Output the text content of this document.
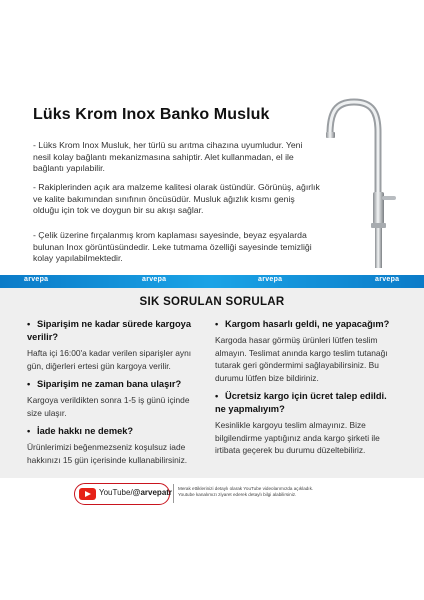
Lüks Krom Inox Banko Musluk
- Lüks Krom Inox Musluk, her türlü su arıtma cihazına uyumludur. Yeni nesil kolay bağlantı mekanizmasına sahiptir. Alet kullanmadan, el ile bağlantı yapılabilir.
- Rakiplerinden açık ara malzeme kalitesi olarak üstündür. Görünüş, ağırlık ve kalite bakımından sınıfının öncüsüdür. Musluk ağızlık kısmı geniş olduğu için tok ve doygun bir su akışı sağlar.
- Çelik üzerine fırçalanmış krom kaplaması sayesinde, beyaz eşyalarda bulunan Inox görüntüsündedir. Leke tutmama özelliği sayesinde temizliği kolay yapılabilmektedir.
arvepa	arvepa	arvepa	arvepa
SIK SORULAN SORULAR

• Siparişim ne kadar sürede kargoya verilir?

Hafta içi 16:00'a kadar verilen siparişler aynı gün, diğerleri ertesi gün kargoya verilir.

• Siparişim ne zaman bana ulaşır?

Kargoya verildikten sonra 1-5 iş günü içinde size ulaşır.

• İade hakkı ne demek?

Ürünlerimizi beğenmezseniz koşulsuz iade hakkınızı 15 gün içerisinde kullanabilirsiniz.

• Kargom hasarlı geldi, ne yapacağım?

Kargoda hasar görmüş ürünleri lütfen teslim almayın. Teslimat anında kargo teslim tutanağı tutarak geri göndermimi sağlayabilirsiniz. Bu durumu lütfen bize bildiriniz.

• Ücretsiz kargo için ücret talep edildi. ne yapmalıyım?

Kesinlikle kargoyu teslim almayınız. Bize bilgilendirme yaptığınız anda kargo şirketi ile irtibata geçerek bu durumu düzeltebiliriz.

YouTube/@arvepatr Merak ettiklerinizi detaylı olarak YouTube videolarımızda açıkladık.
Youtube kanalımızı ziyaret ederek detaylı bilgi alabilirsiniz.
